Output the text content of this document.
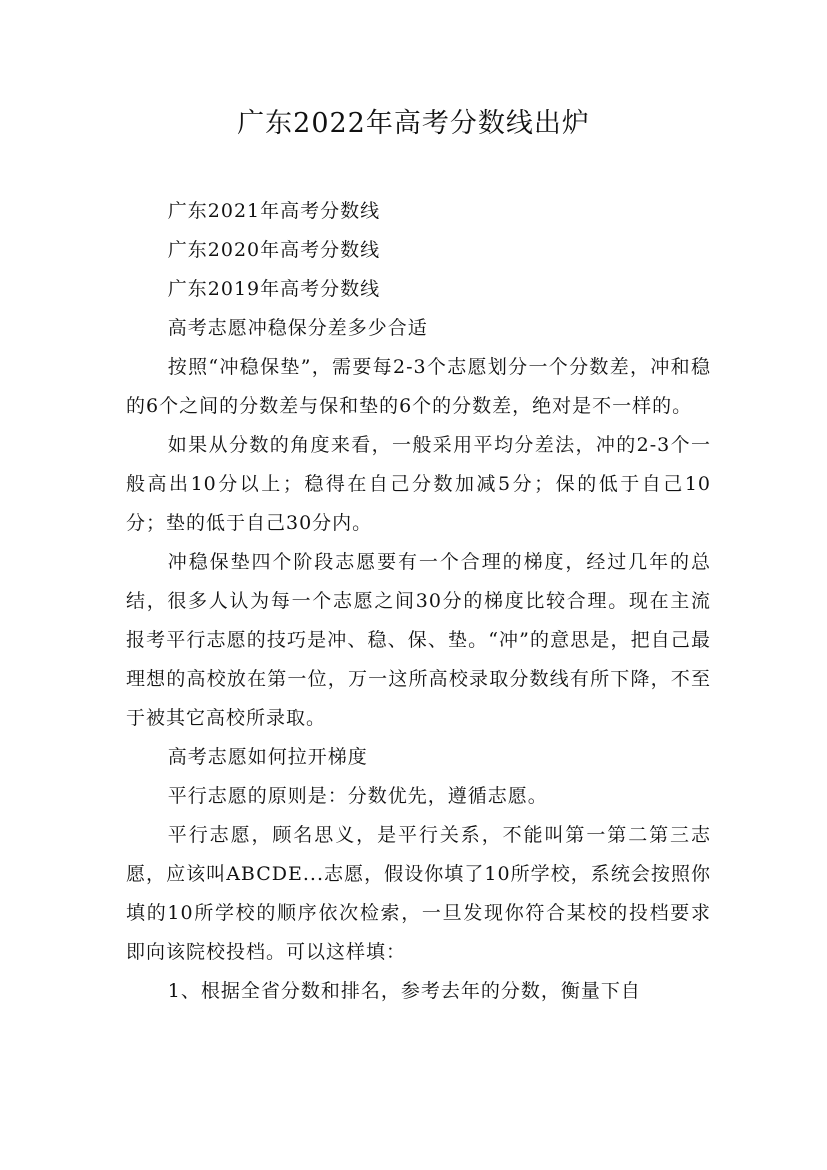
广东2022年高考分数线出炉

广东2021年高考分数线

广东2020年高考分数线

广东2019年高考分数线

高考志愿冲稳保分差多少合适

按照“冲稳保垫”，需要每2-3个志愿划分一个分数差，冲和稳的6个之间的分数差与保和垫的6个的分数差，绝对是不一样的。

如果从分数的角度来看，一般采用平均分差法，冲的2-3个一般高出10分以上；稳得在自己分数加减5分；保的低于自己10分；垫的低于自己30分内。

冲稳保垫四个阶段志愿要有一个合理的梯度，经过几年的总结，很多人认为每一个志愿之间30分的梯度比较合理。现在主流报考平行志愿的技巧是冲、稳、保、垫。“冲”的意思是，把自己最理想的高校放在第一位，万一这所高校录取分数线有所下降，不至于被其它高校所录取。

高考志愿如何拉开梯度

平行志愿的原则是：分数优先，遵循志愿。

平行志愿，顾名思义，是平行关系，不能叫第一第二第三志愿，应该叫ABCDE...志愿，假设你填了10所学校，系统会按照你填的10所学校的顺序依次检索，一旦发现你符合某校的投档要求即向该院校投档。可以这样填：

1、根据全省分数和排名，参考去年的分数，衡量下自
